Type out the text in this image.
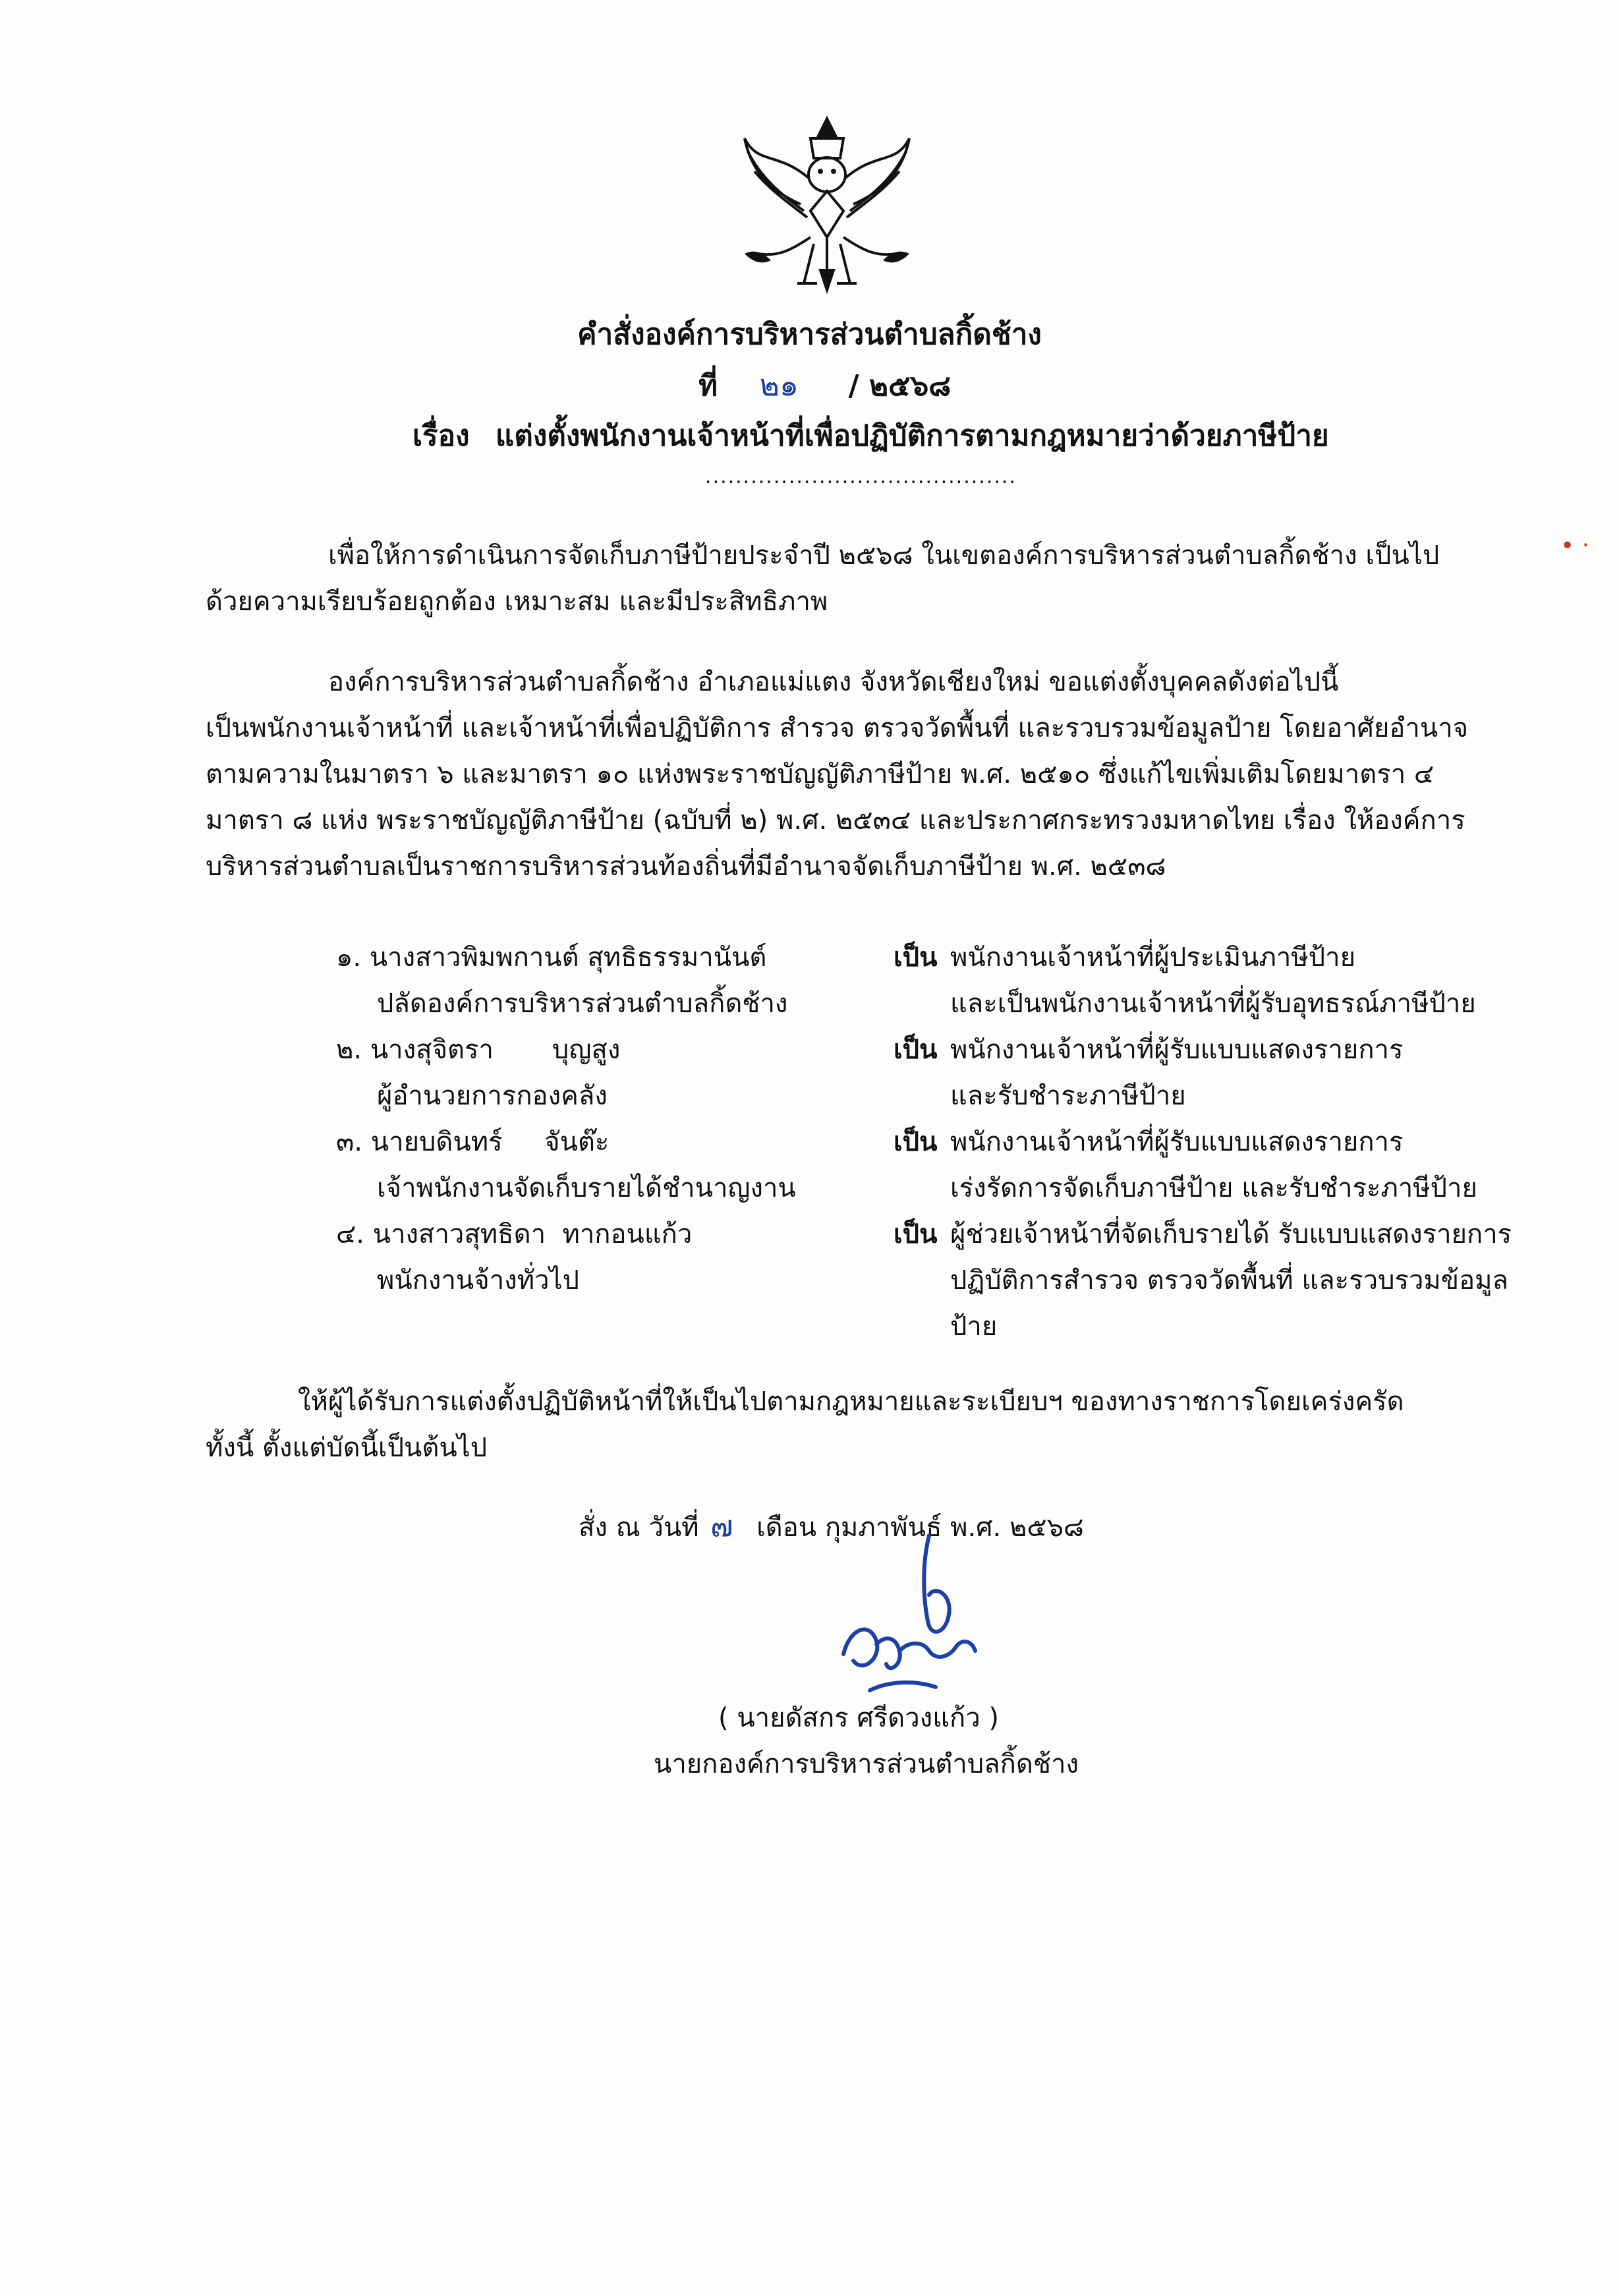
คำสั่งองค์การบริหารส่วนตำบลกิ้ดช้าง
ที่ ๒๑ / ๒๕๖๘
เรื่อง แต่งตั้งพนักงานเจ้าหน้าที่เพื่อปฏิบัติการตามกฎหมายว่าด้วยภาษีป้าย
.........................................
เพื่อให้การดำเนินการจัดเก็บภาษีป้ายประจำปี ๒๕๖๘ ในเขตองค์การบริหารส่วนตำบลกิ้ดช้าง เป็นไป
ด้วยความเรียบร้อยถูกต้อง เหมาะสม และมีประสิทธิภาพ
• ‧
องค์การบริหารส่วนตำบลกิ้ดช้าง อำเภอแม่แตง จังหวัดเชียงใหม่ ขอแต่งตั้งบุคคลดังต่อไปนี้
เป็นพนักงานเจ้าหน้าที่ และเจ้าหน้าที่เพื่อปฏิบัติการ สำรวจ ตรวจวัดพื้นที่ และรวบรวมข้อมูลป้าย โดยอาศัยอำนาจ
ตามความในมาตรา ๖ และมาตรา ๑๐ แห่งพระราชบัญญัติภาษีป้าย พ.ศ. ๒๕๑๐ ซึ่งแก้ไขเพิ่มเติมโดยมาตรา ๔
มาตรา ๘ แห่ง พระราชบัญญัติภาษีป้าย (ฉบับที่ ๒) พ.ศ. ๒๕๓๔ และประกาศกระทรวงมหาดไทย เรื่อง ให้องค์การ
บริหารส่วนตำบลเป็นราชการบริหารส่วนท้องถิ่นที่มีอำนาจจัดเก็บภาษีป้าย พ.ศ. ๒๕๓๘
๑. นางสาวพิมพกานต์ สุทธิธรรมานันต์
ปลัดองค์การบริหารส่วนตำบลกิ้ดช้าง
เป็น พนักงานเจ้าหน้าที่ผู้ประเมินภาษีป้าย
และเป็นพนักงานเจ้าหน้าที่ผู้รับอุทธรณ์ภาษีป้าย
๒. นางสุจิตรา       บุญสูง
ผู้อำนวยการกองคลัง
เป็น พนักงานเจ้าหน้าที่ผู้รับแบบแสดงรายการ
และรับชำระภาษีป้าย
๓. นายบดินทร์     จันต๊ะ
เจ้าพนักงานจัดเก็บรายได้ชำนาญงาน
เป็น พนักงานเจ้าหน้าที่ผู้รับแบบแสดงรายการ
เร่งรัดการจัดเก็บภาษีป้าย และรับชำระภาษีป้าย
๔. นางสาวสุทธิดา  ทากอนแก้ว
พนักงานจ้างทั่วไป
เป็น ผู้ช่วยเจ้าหน้าที่จัดเก็บรายได้ รับแบบแสดงรายการ
ปฏิบัติการสำรวจ ตรวจวัดพื้นที่ และรวบรวมข้อมูล
ป้าย
ให้ผู้ได้รับการแต่งตั้งปฏิบัติหน้าที่ให้เป็นไปตามกฎหมายและระเบียบฯ ของทางราชการโดยเคร่งครัด
ทั้งนี้ ตั้งแต่บัดนี้เป็นต้นไป
สั่ง ณ วันที่ ๗ เดือน กุมภาพันธ์ พ.ศ. ๒๕๖๘
( นายดัสกร ศรีดวงแก้ว )
นายกองค์การบริหารส่วนตำบลกิ้ดช้าง
